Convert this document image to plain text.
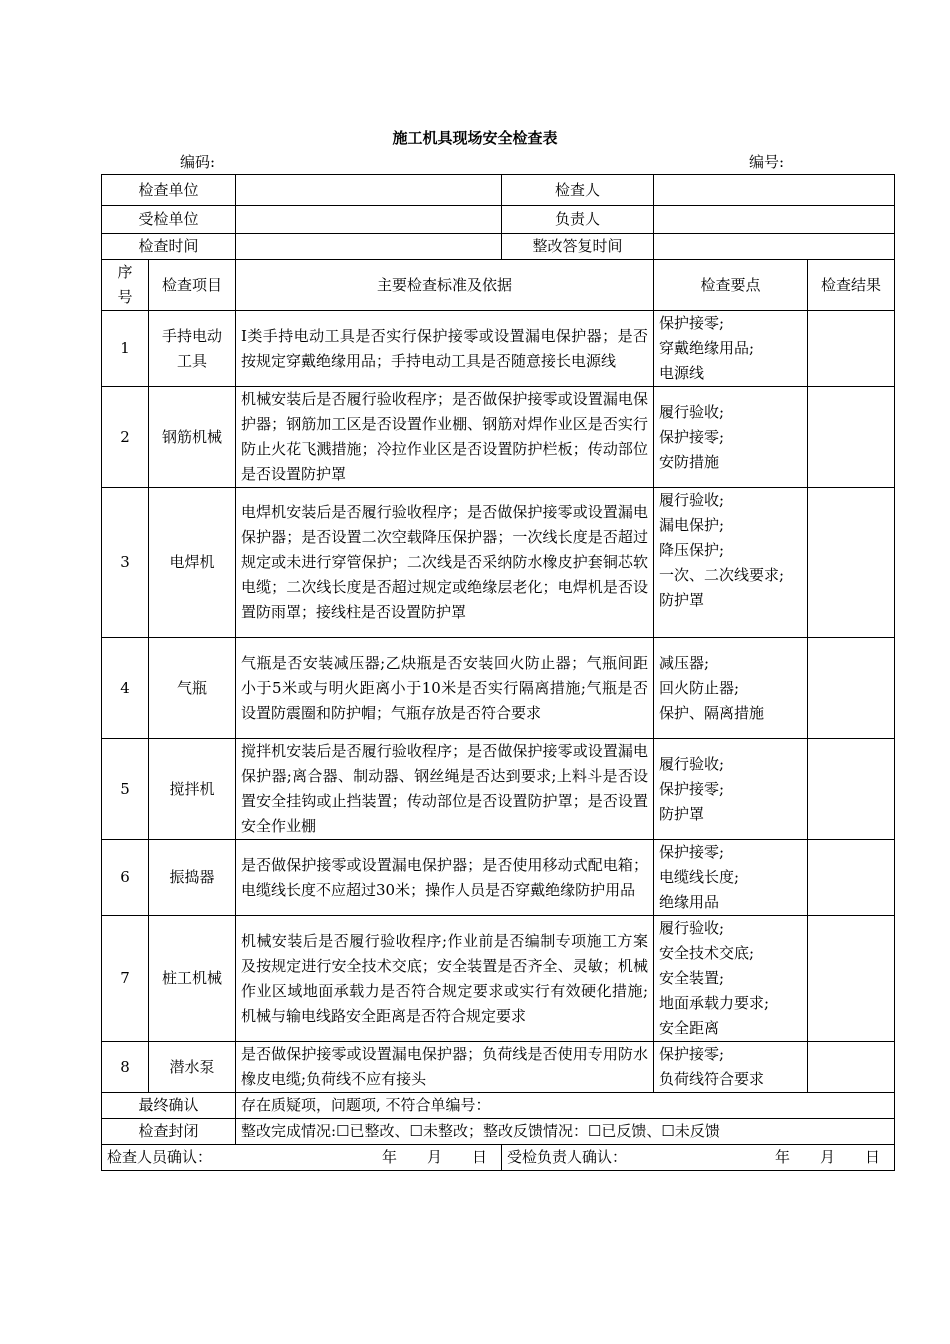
施工机具现场安全检查表
编码:	编号:
检查单位			检查人		
受检单位			负责人		
检查时间			整改答复时间		
序号	检查项目	主要检查标准及依据		检查要点	检查结果
1	手持电动工具	Ⅰ类手持电动工具是否实行保护接零或设置漏电保护器；是否按规定穿戴绝缘用品；手持电动工具是否随意接长电源线		保护接零;
穿戴绝缘用品;
电源线	

2	钢筋机械	机械安装后是否履行验收程序；是否做保护接零或设置漏电保护器；钢筋加工区是否设置作业棚、钢筋对焊作业区是否实行防止火花飞溅措施；冷拉作业区是否设置防护栏板；传动部位是否设置防护罩		履行验收;
保护接零;
安防措施	

3	电焊机	电焊机安装后是否履行验收程序；是否做保护接零或设置漏电保护器；是否设置二次空载降压保护器；一次线长度是否超过规定或未进行穿管保护；二次线是否采纳防水橡皮护套铜芯软电缆；二次线长度是否超过规定或绝缘层老化；电焊机是否设置防雨罩；接线柱是否设置防护罩		履行验收;
漏电保护;
降压保护;
一次、二次线要求;
防护罩	

4	气瓶	气瓶是否安装减压器;乙炔瓶是否安装回火防止器；气瓶间距小于5米或与明火距离小于10米是否实行隔离措施;气瓶是否设置防震圈和防护帽；气瓶存放是否符合要求		减压器;
回火防止器;
保护、隔离措施	

5	搅拌机	搅拌机安装后是否履行验收程序；是否做保护接零或设置漏电保护器;离合器、制动器、钢丝绳是否达到要求;上料斗是否设置安全挂钩或止挡装置；传动部位是否设置防护罩；是否设置安全作业棚		履行验收;
保护接零;
防护罩	

6	振捣器	是否做保护接零或设置漏电保护器；是否使用移动式配电箱；电缆线长度不应超过30米；操作人员是否穿戴绝缘防护用品		保护接零;
电缆线长度;
绝缘用品	

7	桩工机械	机械安装后是否履行验收程序;作业前是否编制专项施工方案及按规定进行安全技术交底；安全装置是否齐全、灵敏；机械作业区域地面承载力是否符合规定要求或实行有效硬化措施;机械与输电线路安全距离是否符合规定要求		履行验收;
安全技术交底;
安全装置;
地面承载力要求;
安全距离	

8	潜水泵	是否做保护接零或设置漏电保护器；负荷线是否使用专用防水橡皮电缆;负荷线不应有接头		保护接零;
负荷线符合要求	

最终确认		存在质疑项，问题项, 不符合单编号：			
检查封闭		整改完成情况:☐已整改、☐未整改；整改反馈情况：☐已反馈、☐未反馈			
检查人员确认： 年　　月　　日			受检负责人确认： 年　　月　　日		
